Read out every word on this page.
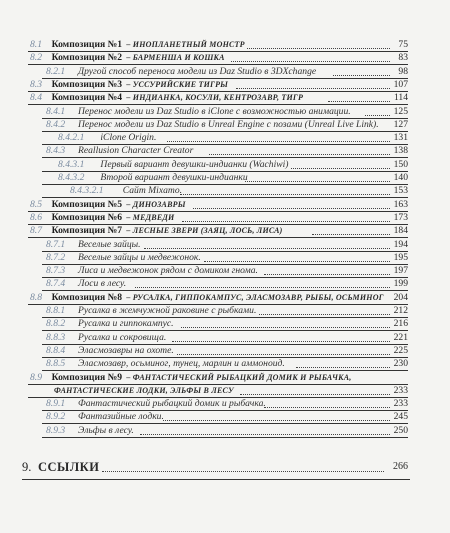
8.1 Композиция №1 – ИНОПЛАНЕТНЫЙ МОНСТР	75
8.2 Композиция №2 – БАРМЕНША И КОШКА	83
8.2.1 Другой способ переноса модели из Daz Studio в 3DXchange	98
8.3 Композиция №3 – УССУРИЙСКИЕ ТИГРЫ	107
8.4 Композиция №4 – ИНДИАНКА, КОСУЛИ, КЕНТРОЗАВР, ТИГР	114
8.4.1 Перенос модели из Daz Studio в iClone с возможностью анимации.	125
8.4.2 Перенос модели из Daz Studio в Unreal Engine с позами (Unreal Live Link). 127
8.4.2.1 iClone Origin.	131
8.4.3 Reallusion Character Creator	138
8.4.3.1 Первый вариант девушки-индианки (Wachiwi)	150
8.4.3.2 Второй вариант девушки-индианки	140
8.4.3.2.1 Сайт Mixamo.	153
8.5 Композиция №5 – ДИНОЗАВРЫ	163
8.6 Композиция №6 – МЕДВЕДИ	173
8.7 Композиция №7 – ЛЕСНЫЕ ЗВЕРИ (ЗАЯЦ, ЛОСЬ, ЛИСА)	184
8.7.1 Веселые зайцы.	194
8.7.2 Веселые зайцы и медвежонок.	195
8.7.3 Лиса и медвежонок рядом с домиком гнома.	197
8.7.4 Лоси в лесу.	199
8.8 Композиция №8 – РУСАЛКА, ГИППОКАМПУС, ЭЛАСМОЗАВР, РЫБЫ, ОСЬМИНОГ 204
8.8.1 Русалка в жемчужной раковине с рыбками.	212
8.8.2 Русалка и гиппокампус.	216
8.8.3 Русалка и сокровища.	221
8.8.4 Эласмозавры на охоте.	225
8.8.5 Эласмозавр, осьминог, тунец, марлин и аммоноид.	230
8.9 Композиция №9 – ФАНТАСТИЧЕСКИЙ РЫБАЦКИЙ ДОМИК И РЫБАЧКА,
ФАНТАСТИЧЕСКИЕ ЛОДКИ, ЭЛЬФЫ В ЛЕСУ	233
8.9.1 Фантастический рыбацкий домик и рыбачка.	233
8.9.2 Фантазийные лодки.	245
8.9.3 Эльфы в лесу.	250
9. ССЫЛКИ	266
